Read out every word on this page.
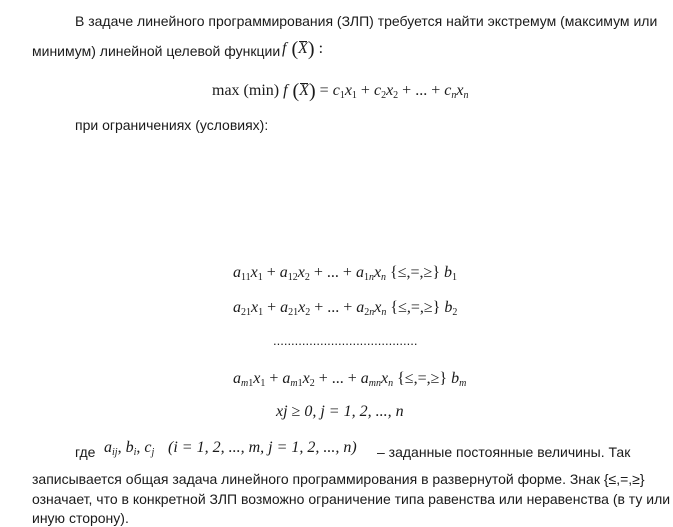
В задаче линейного программирования (ЗЛП) требуется найти экстремум (максимум или
минимум) линейной целевой функции f (X) :
max (min) f $(X) = c_1x_1 + c_2x_2$ + ... + $c_nx_n$
при ограничениях (условиях):
$a_{11}x_1 + a_{12}x_2$ + ... + $a_{1n}x_n$ {≤,=,≥} $b_1$
$a_{21}x_1 + a_{21}x_2$ + ... + $a_{2n}x_n$ {≤,=,≥} $b_2$
........................................
$a_{m1}x_1 + a_{m1}x_2$ + ... + $a_{mn}x_n$ {≤,=,≥} $b_m$
xj ≥ 0, j = 1, 2, ..., n
где $a_{ij}$, $b_i$, $c_j$ (i = 1, 2, ..., m, j = 1, 2, ..., n) – заданные постоянные величины. Так
записывается общая задача линейного программирования в развернутой форме. Знак {≤,=,≥}
означает, что в конкретной ЗЛП возможно ограничение типа равенства или неравенства (в ту или
иную сторону).
